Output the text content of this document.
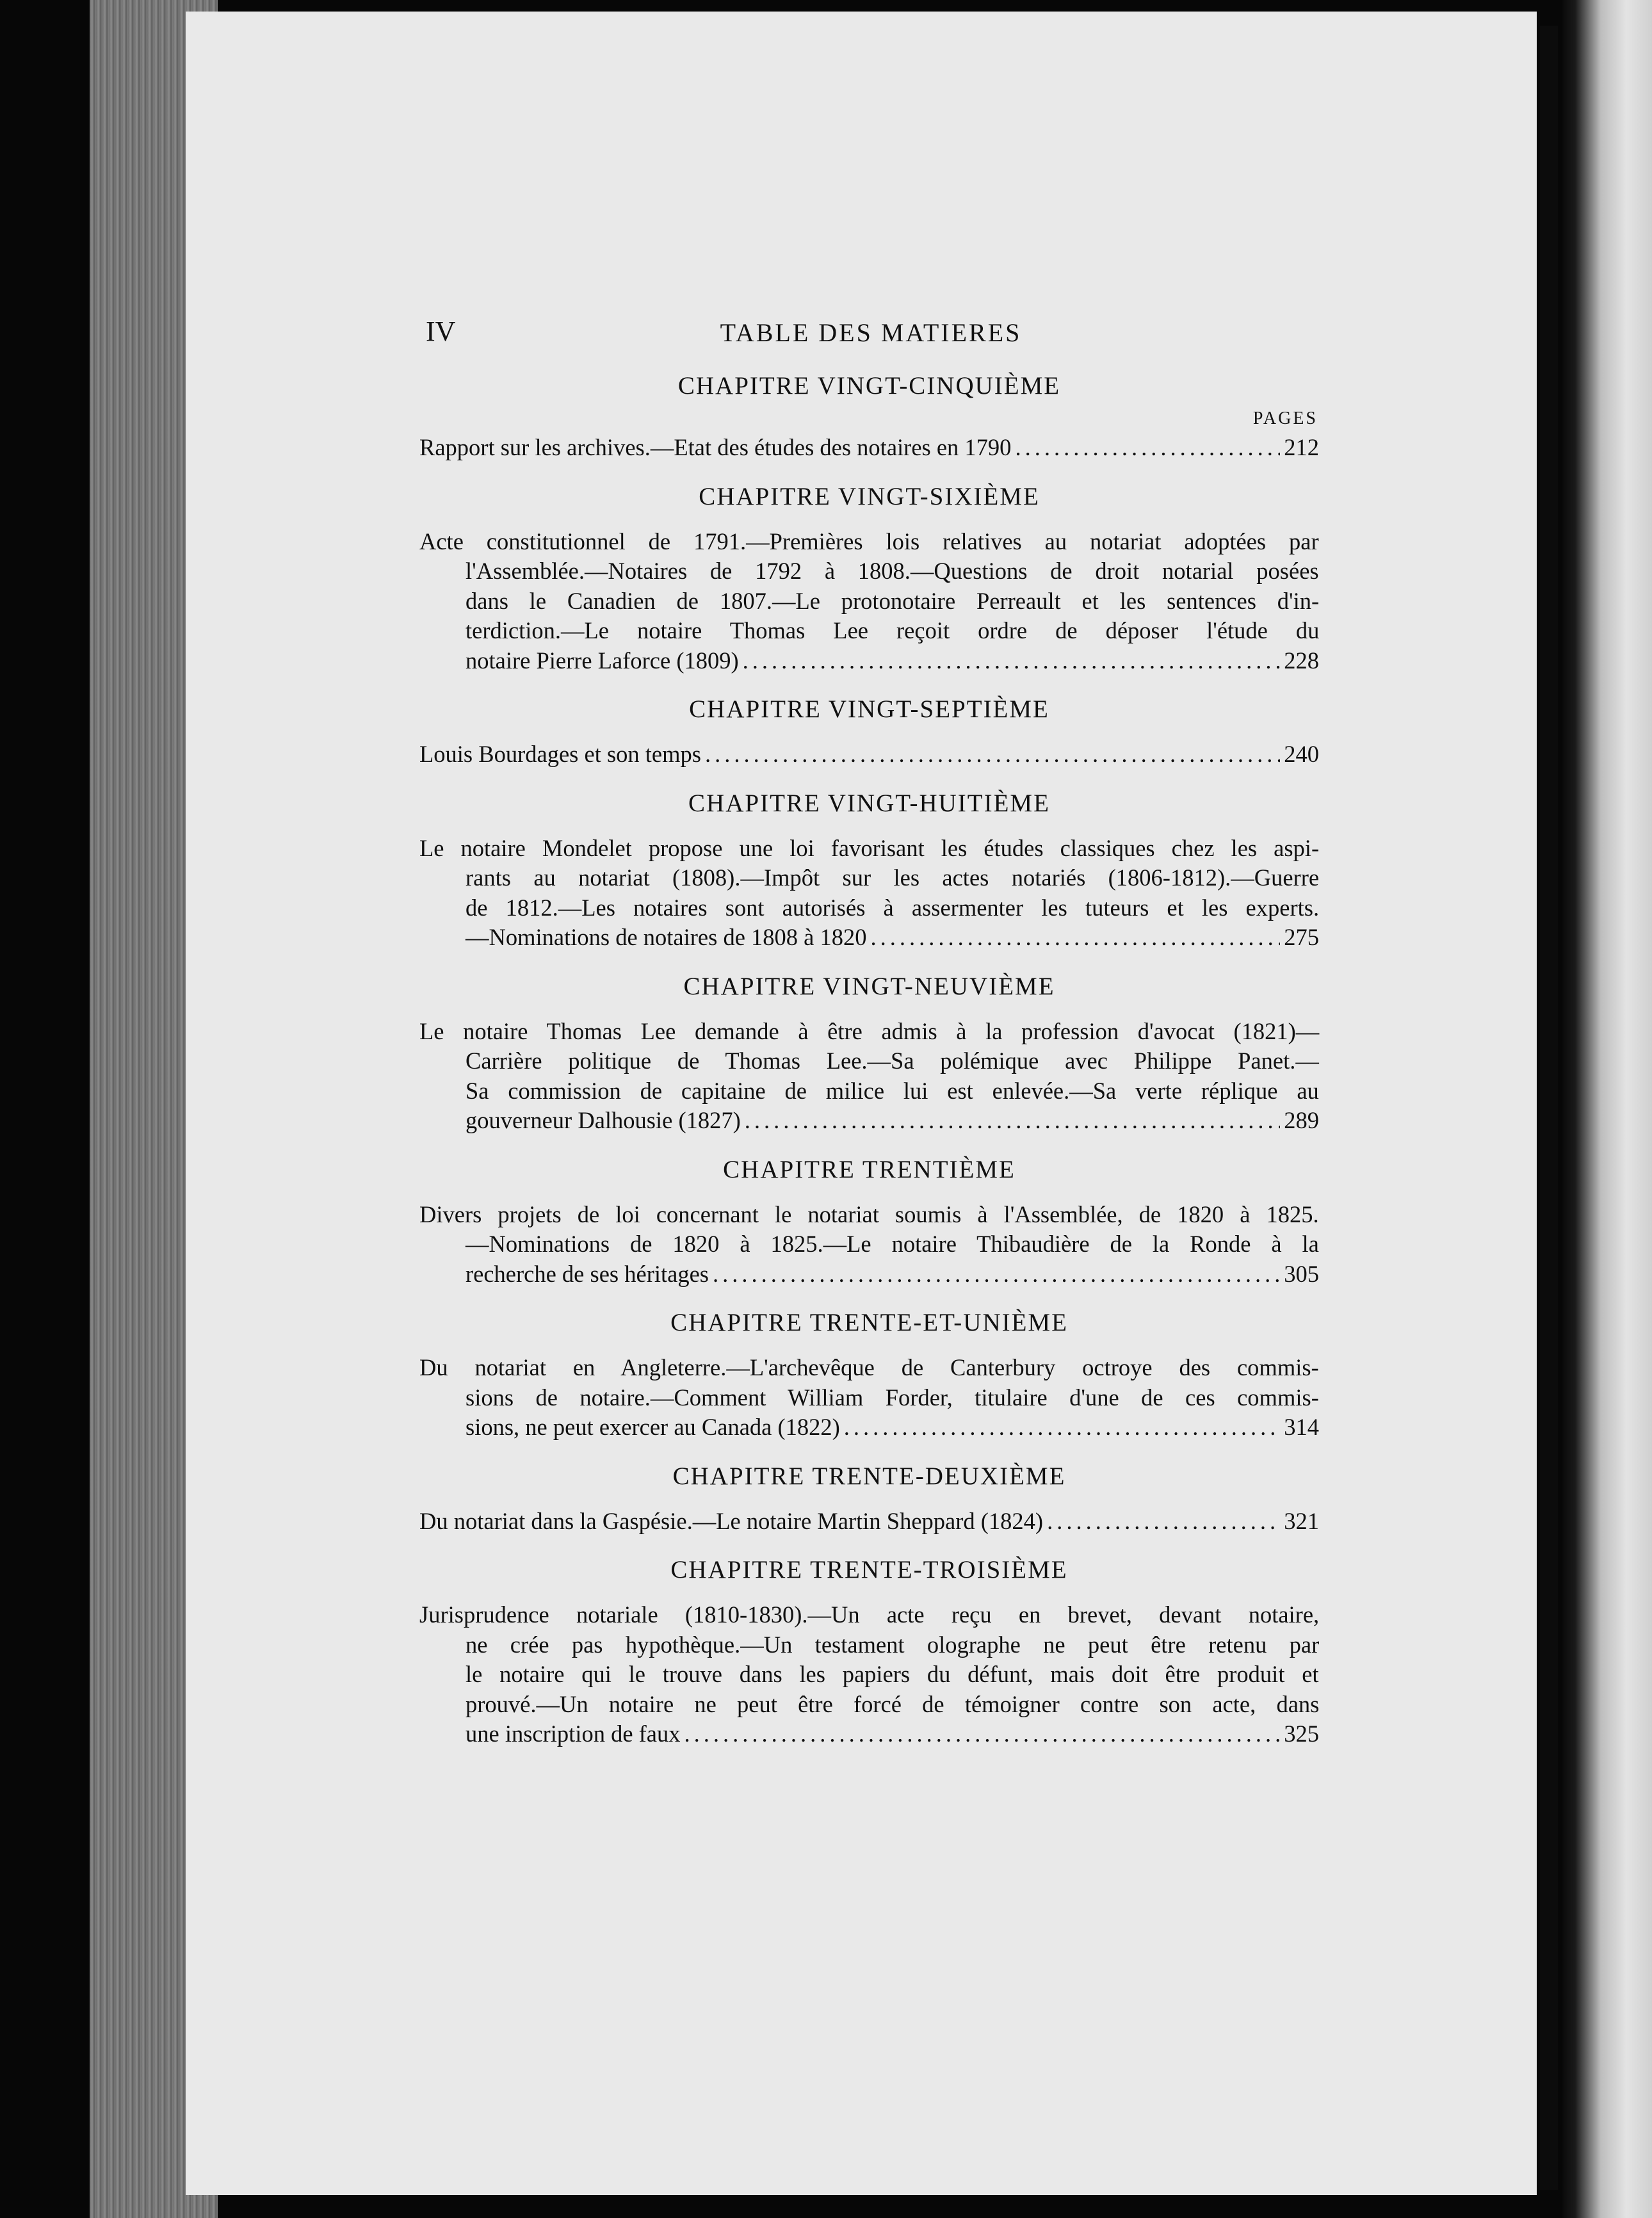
IV	TABLE DES MATIERES
CHAPITRE VINGT-CINQUIÈME
PAGES
Rapport sur les archives.—Etat des études des notaires en 1790 .....	212
CHAPITRE VINGT-SIXIÈME
Acte constitutionnel de 1791.—Premières lois relatives au notariat adoptées par
l'Assemblée.—Notaires de 1792 à 1808.—Questions de droit notarial posées
dans le Canadien de 1807.—Le protonotaire Perreault et les sentences d'in-
terdiction.—Le notaire Thomas Lee reçoit ordre de déposer l'étude du
notaire Pierre Laforce (1809) .....	228
CHAPITRE VINGT-SEPTIÈME
Louis Bourdages et son temps .....	240
CHAPITRE VINGT-HUITIÈME
Le notaire Mondelet propose une loi favorisant les études classiques chez les aspi-
rants au notariat (1808).—Impôt sur les actes notariés (1806-1812).—Guerre
de 1812.—Les notaires sont autorisés à assermenter les tuteurs et les experts.
—Nominations de notaires de 1808 à 1820 .....	275
CHAPITRE VINGT-NEUVIÈME
Le notaire Thomas Lee demande à être admis à la profession d'avocat (1821)—
Carrière politique de Thomas Lee.—Sa polémique avec Philippe Panet.—
Sa commission de capitaine de milice lui est enlevée.—Sa verte réplique au
gouverneur Dalhousie (1827) .....	289
CHAPITRE TRENTIÈME
Divers projets de loi concernant le notariat soumis à l'Assemblée, de 1820 à 1825.
—Nominations de 1820 à 1825.—Le notaire Thibaudière de la Ronde à la
recherche de ses héritages .....	305
CHAPITRE TRENTE-ET-UNIÈME
Du notariat en Angleterre.—L'archevêque de Canterbury octroye des commis-
sions de notaire.—Comment William Forder, titulaire d'une de ces commis-
sions, ne peut exercer au Canada (1822) .....	314
CHAPITRE TRENTE-DEUXIÈME
Du notariat dans la Gaspésie.—Le notaire Martin Sheppard (1824) .....	321
CHAPITRE TRENTE-TROISIÈME
Jurisprudence notariale (1810-1830).—Un acte reçu en brevet, devant notaire,
ne crée pas hypothèque.—Un testament olographe ne peut être retenu par
le notaire qui le trouve dans les papiers du défunt, mais doit être produit et
prouvé.—Un notaire ne peut être forcé de témoigner contre son acte, dans
une inscription de faux .....	325
